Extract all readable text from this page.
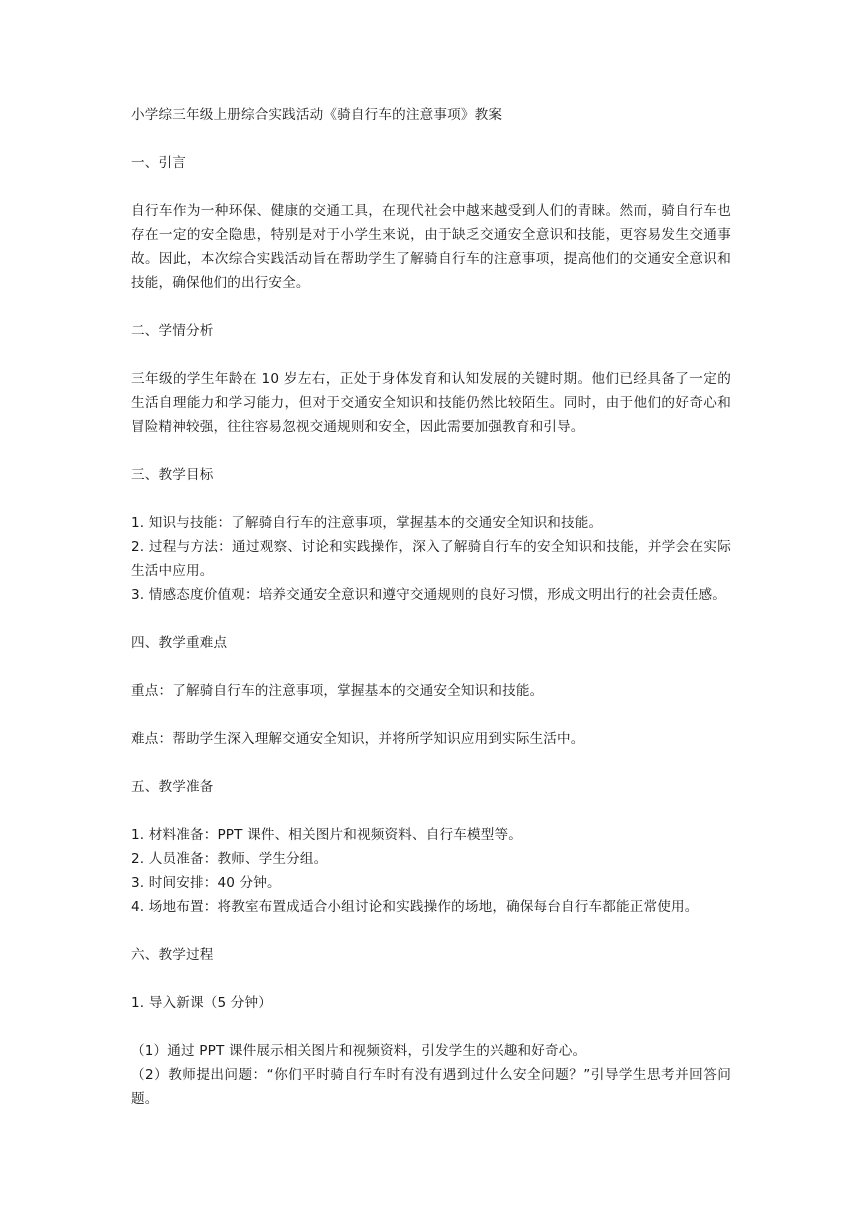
小学综三年级上册综合实践活动《骑自行车的注意事项》教案

一、引言

自行车作为一种环保、健康的交通工具，在现代社会中越来越受到人们的青睐。然而，骑自行车也存在一定的安全隐患，特别是对于小学生来说，由于缺乏交通安全意识和技能，更容易发生交通事故。因此，本次综合实践活动旨在帮助学生了解骑自行车的注意事项，提高他们的交通安全意识和技能，确保他们的出行安全。

二、学情分析

三年级的学生年龄在 10 岁左右，正处于身体发育和认知发展的关键时期。他们已经具备了一定的生活自理能力和学习能力，但对于交通安全知识和技能仍然比较陌生。同时，由于他们的好奇心和冒险精神较强，往往容易忽视交通规则和安全，因此需要加强教育和引导。

三、教学目标

1. 知识与技能：了解骑自行车的注意事项，掌握基本的交通安全知识和技能。

2. 过程与方法：通过观察、讨论和实践操作，深入了解骑自行车的安全知识和技能，并学会在实际生活中应用。

3. 情感态度价值观：培养交通安全意识和遵守交通规则的良好习惯，形成文明出行的社会责任感。

四、教学重难点

重点：了解骑自行车的注意事项，掌握基本的交通安全知识和技能。

难点：帮助学生深入理解交通安全知识，并将所学知识应用到实际生活中。

五、教学准备

1. 材料准备：PPT 课件、相关图片和视频资料、自行车模型等。

2. 人员准备：教师、学生分组。

3. 时间安排：40 分钟。

4. 场地布置：将教室布置成适合小组讨论和实践操作的场地，确保每台自行车都能正常使用。

六、教学过程

1. 导入新课（5 分钟）

（1）通过 PPT 课件展示相关图片和视频资料，引发学生的兴趣和好奇心。

（2）教师提出问题：“你们平时骑自行车时有没有遇到过什么安全问题？”引导学生思考并回答问题。
